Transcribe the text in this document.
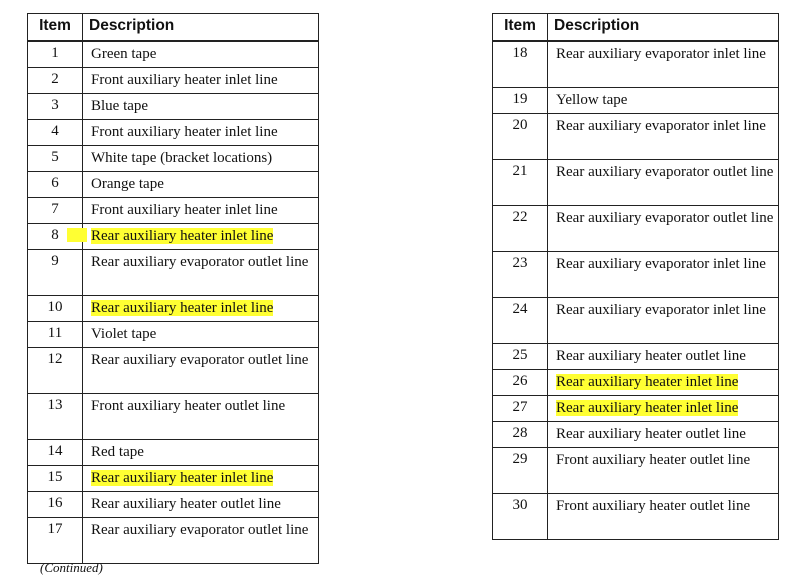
Item	Description
1	Green tape
2	Front auxiliary heater inlet line
3	Blue tape
4	Front auxiliary heater inlet line
5	White tape (bracket locations)
6	Orange tape
7	Front auxiliary heater inlet line
8	Rear auxiliary heater inlet line
9	Rear auxiliary evaporator outlet line
10	Rear auxiliary heater inlet line
11	Violet tape
12	Rear auxiliary evaporator outlet line
13	Front auxiliary heater outlet line
14	Red tape
15	Rear auxiliary heater inlet line
16	Rear auxiliary heater outlet line
17	Rear auxiliary evaporator outlet line
Item	Description
18	Rear auxiliary evaporator inlet line
19	Yellow tape
20	Rear auxiliary evaporator inlet line
21	Rear auxiliary evaporator outlet line
22	Rear auxiliary evaporator outlet line
23	Rear auxiliary evaporator inlet line
24	Rear auxiliary evaporator inlet line
25	Rear auxiliary heater outlet line
26	Rear auxiliary heater inlet line
27	Rear auxiliary heater inlet line
28	Rear auxiliary heater outlet line
29	Front auxiliary heater outlet line
30	Front auxiliary heater outlet line
(Continued)
